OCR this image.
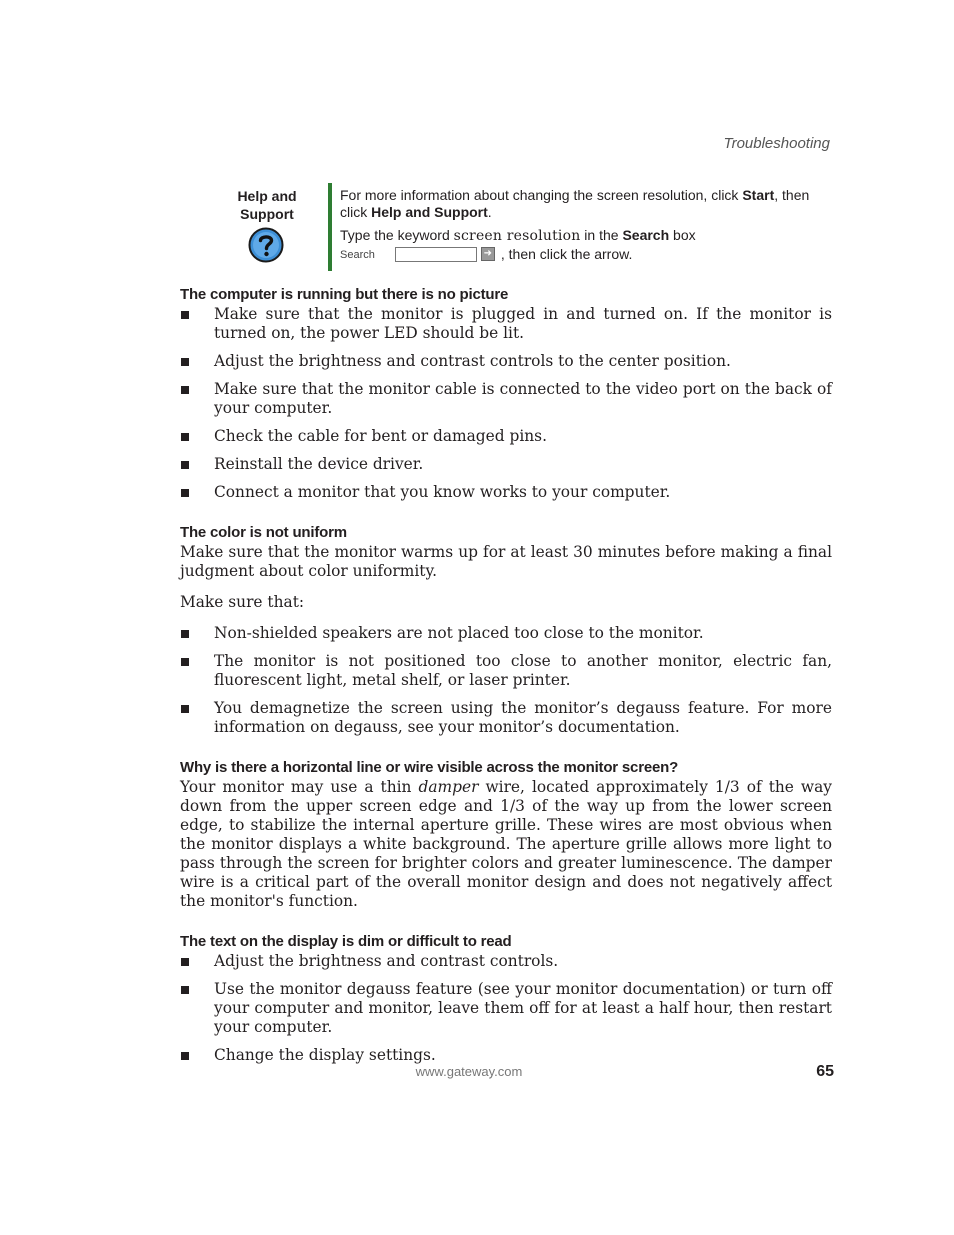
Troubleshooting
Help and
Support

For more information about changing the screen resolution, click Start, then click Help and Support.

Type the keyword screen resolution in the Search box

Search	➜ , then click the arrow.
The computer is running but there is no picture
Make sure that the monitor is plugged in and turned on. If the monitor is turned on, the power LED should be lit.
Adjust the brightness and contrast controls to the center position.
Make sure that the monitor cable is connected to the video port on the back of your computer.
Check the cable for bent or damaged pins.
Reinstall the device driver.
Connect a monitor that you know works to your computer.
The color is not uniform

Make sure that the monitor warms up for at least 30 minutes before making a final judgment about color uniformity.

Make sure that:

Non-shielded speakers are not placed too close to the monitor.
The monitor is not positioned too close to another monitor, electric fan, fluorescent light, metal shelf, or laser printer.
You demagnetize the screen using the monitor’s degauss feature. For more information on degauss, see your monitor’s documentation.
Why is there a horizontal line or wire visible across the monitor screen?

Your monitor may use a thin damper wire, located approximately 1/3 of the way down from the upper screen edge and 1/3 of the way up from the lower screen edge, to stabilize the internal aperture grille. These wires are most obvious when the monitor displays a white background. The aperture grille allows more light to pass through the screen for brighter colors and greater luminescence. The damper wire is a critical part of the overall monitor design and does not negatively affect the monitor's function.

The text on the display is dim or difficult to read
Adjust the brightness and contrast controls.
Use the monitor degauss feature (see your monitor documentation) or turn off your computer and monitor, leave them off for at least a half hour, then restart your computer.
Change the display settings.
www.gateway.com	65
